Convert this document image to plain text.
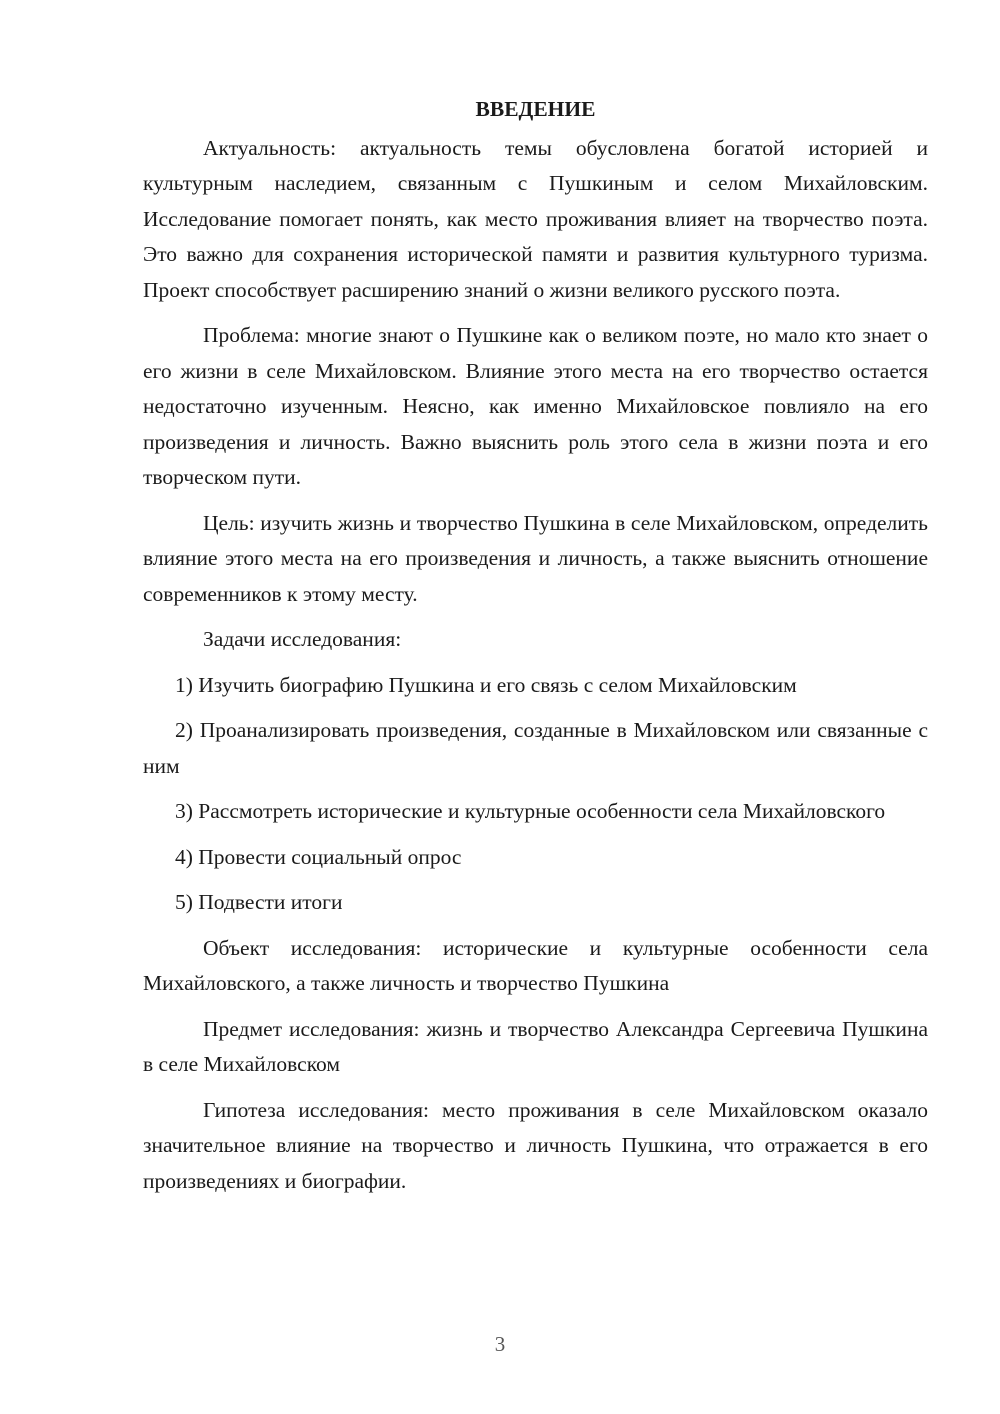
ВВЕДЕНИЕ

Актуальность: актуальность темы обусловлена богатой историей и культурным наследием, связанным с Пушкиным и селом Михайловским. Исследование помогает понять, как место проживания влияет на творчество поэта. Это важно для сохранения исторической памяти и развития культурного туризма. Проект способствует расширению знаний о жизни великого русского поэта.

Проблема: многие знают о Пушкине как о великом поэте, но мало кто знает о его жизни в селе Михайловском. Влияние этого места на его творчество остается недостаточно изученным. Неясно, как именно Михайловское повлияло на его произведения и личность. Важно выяснить роль этого села в жизни поэта и его творческом пути.

Цель: изучить жизнь и творчество Пушкина в селе Михайловском, определить влияние этого места на его произведения и личность, а также выяснить отношение современников к этому месту.

Задачи исследования:

1) Изучить биографию Пушкина и его связь с селом Михайловским

2) Проанализировать произведения, созданные в Михайловском или связанные с ним

3) Рассмотреть исторические и культурные особенности села Михайловского

4) Провести социальный опрос

5) Подвести итоги

Объект исследования: исторические и культурные особенности села Михайловского, а также личность и творчество Пушкина

Предмет исследования: жизнь и творчество Александра Сергеевича Пушкина в селе Михайловском

Гипотеза исследования: место проживания в селе Михайловском оказало значительное влияние на творчество и личность Пушкина, что отражается в его произведениях и биографии.

3
